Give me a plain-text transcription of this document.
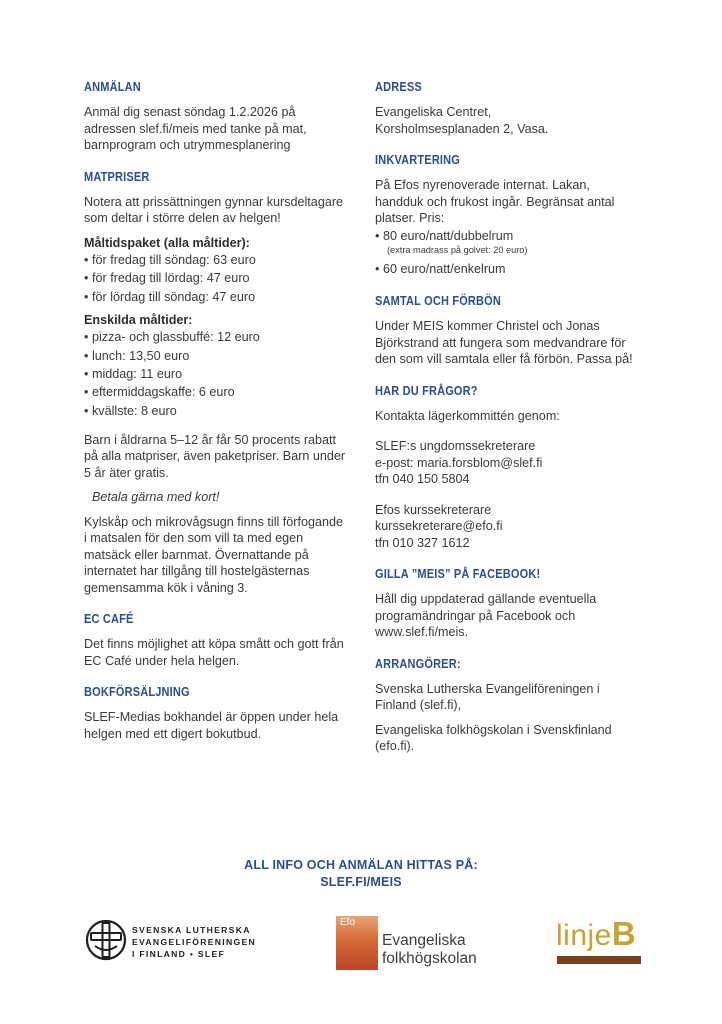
ANMÄLAN

Anmäl dig senast söndag 1.2.2026 på adressen slef.fi/meis med tanke på mat, barnprogram och utrymmesplanering

MATPRISER

Notera att prissättningen gynnar kursdeltagare som deltar i större delen av helgen!

Måltidspaket (alla måltider):
• för fredag till söndag: 63 euro
• för fredag till lördag: 47 euro
• för lördag till söndag: 47 euro
Enskilda måltider:
• pizza- och glassbuffé: 12 euro
• lunch: 13,50 euro
• middag: 11 euro
• eftermiddagskaffe: 6 euro
• kvällste: 8 euro

Barn i åldrarna 5–12 år får 50 procents rabatt på alla matpriser, även paketpriser. Barn under 5 år äter gratis.

Betala gärna med kort!

Kylskåp och mikrovågsugn finns till förfogande i matsalen för den som vill ta med egen matsäck eller barnmat. Övernattande på internatet har tillgång till hostelgästernas gemensamma kök i våning 3.

EC CAFÉ

Det finns möjlighet att köpa smått och gott från EC Café under hela helgen.

BOKFÖRSÄLJNING

SLEF-Medias bokhandel är öppen under hela helgen med ett digert bokutbud.

ADRESS

Evangeliska Centret,
Korsholmsesplanaden 2, Vasa.

INKVARTERING

På Efos nyrenoverade internat. Lakan, handduk och frukost ingår. Begränsat antal platser. Pris:

• 80 euro/natt/dubbelrum
(extra madrass på golvet: 20 euro)
• 60 euro/natt/enkelrum
SAMTAL OCH FÖRBÖN

Under MEIS kommer Christel och Jonas Björkstrand att fungera som medvandrare för den som vill samtala eller få förbön. Passa på!

HAR DU FRÅGOR?

Kontakta lägerkommittén genom:

SLEF:s ungdomssekreterare
e-post: maria.forsblom@slef.fi
tfn 040 150 5804

Efos kurssekreterare
kurssekreterare@efo.fi
tfn 010 327 1612

GILLA ”MEIS” PÅ FACEBOOK!

Håll dig uppdaterad gällande eventuella programändringar på Facebook och www.slef.fi/meis.

ARRANGÖRER:

Svenska Lutherska Evangeliföreningen i Finland (slef.fi),

Evangeliska folkhögskolan i Svenskfinland (efo.fi).

ALL INFO OCH ANMÄLAN HITTAS PÅ:
SLEF.FI/MEIS
SVENSKA LUTHERSKA
EVANGELIFÖRENINGEN
I FINLAND • SLEF
Efo
Evangeliska
folkhögskolan
linjeB
